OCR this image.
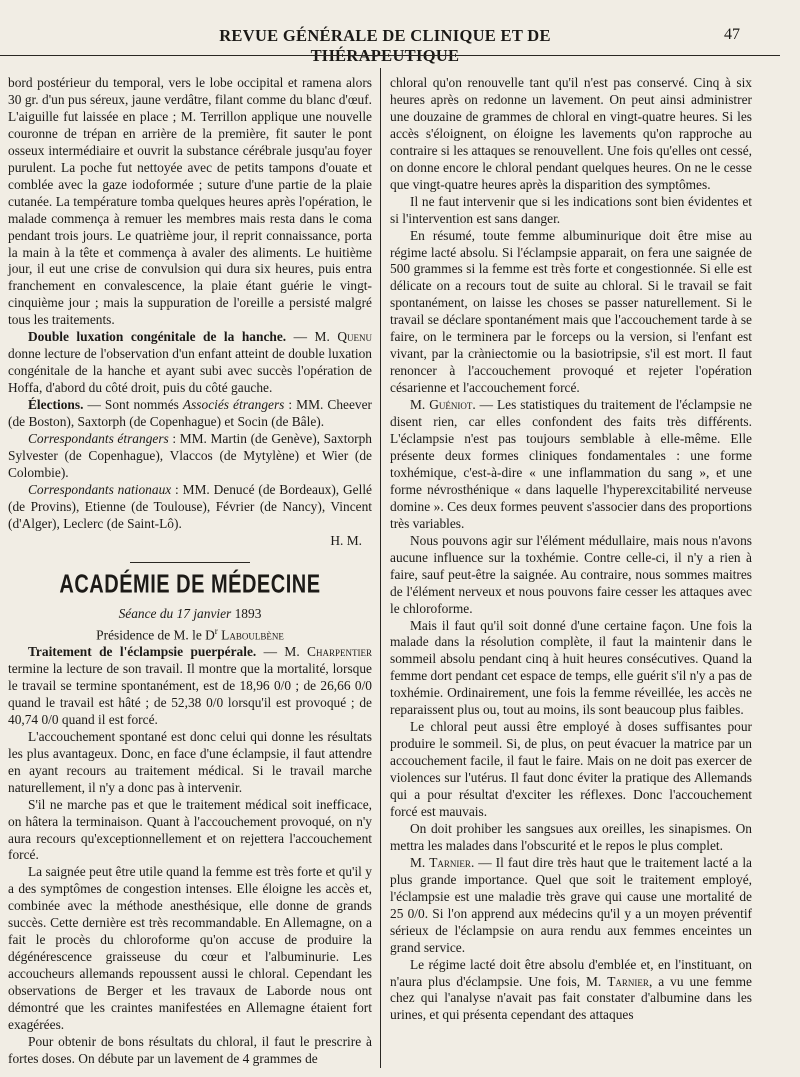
REVUE GÉNÉRALE DE CLINIQUE ET DE THÉRAPEUTIQUE
47

bord postérieur du temporal, vers le lobe occipital et ramena alors 30 gr. d'un pus séreux, jaune verdâtre, filant comme du blanc d'œuf. L'aiguille fut laissée en place ; M. Terrillon applique une nouvelle couronne de trépan en arrière de la première, fit sauter le pont osseux intermédiaire et ouvrit la substance cérébrale jusqu'au foyer purulent. La poche fut nettoyée avec de petits tampons d'ouate et comblée avec la gaze iodoformée ; suture d'une partie de la plaie cutanée. La température tomba quelques heures après l'opération, le malade commença à remuer les membres mais resta dans le coma pendant trois jours. Le quatrième jour, il reprit connaissance, porta la main à la tête et commença à avaler des aliments. Le huitième jour, il eut une crise de convulsion qui dura six heures, puis entra franchement en convalescence, la plaie étant guérie le vingt-cinquième jour ; mais la suppuration de l'oreille a persisté malgré tous les traitements.

Double luxation congénitale de la hanche. — M. Quenu donne lecture de l'observation d'un enfant atteint de double luxation congénitale de la hanche et ayant subi avec succès l'opération de Hoffa, d'abord du côté droit, puis du côté gauche.

Élections. — Sont nommés Associés étrangers : MM. Cheever (de Boston), Saxtorph (de Copenhague) et Socin (de Bâle).

Correspondants étrangers : MM. Martin (de Genève), Saxtorph Sylvester (de Copenhague), Vlaccos (de Mytylène) et Wier (de Colombie).

Correspondants nationaux : MM. Denucé (de Bordeaux), Gellé (de Provins), Etienne (de Toulouse), Février (de Nancy), Vincent (d'Alger), Leclerc (de Saint-Lô).

H. M.
ACADÉMIE DE MÉDECINE

Séance du 17 janvier 1893

Présidence de M. le $D^r$ Laboulbène

Traitement de l'éclampsie puerpérale. — M. Charpentier termine la lecture de son travail. Il montre que la mortalité, lorsque le travail se termine spontanément, est de 18,96 0/0 ; de 26,66 0/0 quand le travail est hâté ; de 52,38 0/0 lorsqu'il est provoqué ; de 40,74 0/0 quand il est forcé.

L'accouchement spontané est donc celui qui donne les résultats les plus avantageux. Donc, en face d'une éclampsie, il faut attendre en ayant recours au traitement médical. Si le travail marche naturellement, il n'y a donc pas à intervenir.

S'il ne marche pas et que le traitement médical soit inefficace, on hâtera la terminaison. Quant à l'accouchement provoqué, on n'y aura recours qu'exceptionnellement et on rejettera l'accouchement forcé.

La saignée peut être utile quand la femme est très forte et qu'il y a des symptômes de congestion intenses. Elle éloigne les accès et, combinée avec la méthode anesthésique, elle donne de grands succès. Cette dernière est très recommandable. En Allemagne, on a fait le procès du chloroforme qu'on accuse de produire la dégénérescence graisseuse du cœur et l'albuminurie. Les accoucheurs allemands repoussent aussi le chloral. Cependant les observations de Berger et les travaux de Laborde nous ont démontré que les craintes manifestées en Allemagne étaient fort exagérées.

Pour obtenir de bons résultats du chloral, il faut le prescrire à fortes doses. On débute par un lavement de 4 grammes de

chloral qu'on renouvelle tant qu'il n'est pas conservé. Cinq à six heures après on redonne un lavement. On peut ainsi administrer une douzaine de grammes de chloral en vingt-quatre heures. Si les accès s'éloignent, on éloigne les lavements qu'on rapproche au contraire si les attaques se renouvellent. Une fois qu'elles ont cessé, on donne encore le chloral pendant quelques heures. On ne le cesse que vingt-quatre heures après la disparition des symptômes.

Il ne faut intervenir que si les indications sont bien évidentes et si l'intervention est sans danger.

En résumé, toute femme albuminurique doit être mise au régime lacté absolu. Si l'éclampsie apparait, on fera une saignée de 500 grammes si la femme est très forte et congestionnée. Si elle est délicate on a recours tout de suite au chloral. Si le travail se fait spontanément, on laisse les choses se passer naturellement. Si le travail se déclare spontanément mais que l'accouchement tarde à se faire, on le terminera par le forceps ou la version, si l'enfant est vivant, par la cràniectomie ou la basiotripsie, s'il est mort. Il faut renoncer à l'accouchement provoqué et rejeter l'opération césarienne et l'accouchement forcé.

M. Guéniot. — Les statistiques du traitement de l'éclampsie ne disent rien, car elles confondent des faits très différents. L'éclampsie n'est pas toujours semblable à elle-même. Elle présente deux formes cliniques fondamentales : une forme toxhémique, c'est-à-dire « une inflammation du sang », et une forme névrosthénique « dans laquelle l'hyperexcitabilité nerveuse domine ». Ces deux formes peuvent s'associer dans des proportions très variables.

Nous pouvons agir sur l'élément médullaire, mais nous n'avons aucune influence sur la toxhémie. Contre celle-ci, il n'y a rien à faire, sauf peut-être la saignée. Au contraire, nous sommes maitres de l'élément nerveux et nous pouvons faire cesser les attaques avec le chloroforme.

Mais il faut qu'il soit donné d'une certaine façon. Une fois la malade dans la résolution complète, il faut la maintenir dans le sommeil absolu pendant cinq à huit heures consécutives. Quand la femme dort pendant cet espace de temps, elle guérit s'il n'y a pas de toxhémie. Ordinairement, une fois la femme réveillée, les accès ne reparaissent plus ou, tout au moins, ils sont beaucoup plus faibles.

Le chloral peut aussi être employé à doses suffisantes pour produire le sommeil. Si, de plus, on peut évacuer la matrice par un accouchement facile, il faut le faire. Mais on ne doit pas exercer de violences sur l'utérus. Il faut donc éviter la pratique des Allemands qui a pour résultat d'exciter les réflexes. Donc l'accouchement forcé est mauvais.

On doit prohiber les sangsues aux oreilles, les sinapismes. On mettra les malades dans l'obscurité et le repos le plus complet.

M. Tarnier. — Il faut dire très haut que le traitement lacté a la plus grande importance. Quel que soit le traitement employé, l'éclampsie est une maladie très grave qui cause une mortalité de 25 0/0. Si l'on apprend aux médecins qu'il y a un moyen préventif sérieux de l'éclampsie on aura rendu aux femmes enceintes un grand service.

Le régime lacté doit être absolu d'emblée et, en l'instituant, on n'aura plus d'éclampsie. Une fois, M. Tarnier, a vu une femme chez qui l'analyse n'avait pas fait constater d'albumine dans les urines, et qui présenta cependant des attaques
